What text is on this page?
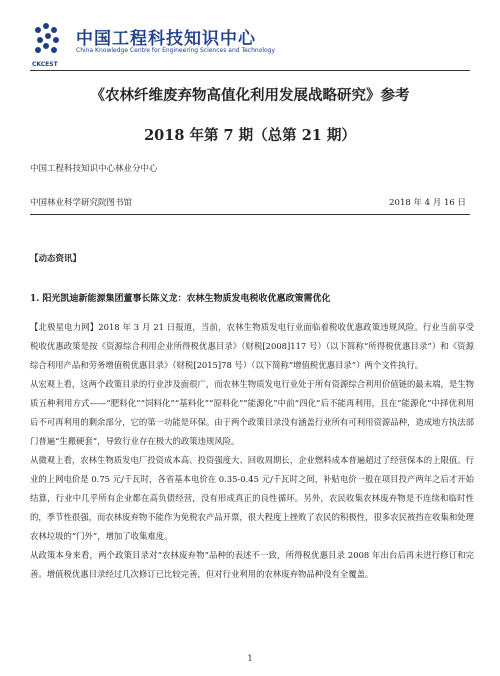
中国工程科技知识中心
China Knowledge Centre for Engineering Sciences and Technology
CKCEST
《农林纤维废弃物高值化利用发展战略研究》参考
2018 年第 7 期（总第 21 期）
中国工程科技知识中心林业分中心
中国林业科学研究院图书馆	2018 年 4 月 16 日
【动态资讯】
1. 阳光凯迪新能源集团董事长陈义龙：农林生物质发电税收优惠政策需优化

【北极星电力网】2018 年 3 月 21 日报道，当前，农林生物质发电行业面临着税收优惠政策违规风险。行业当前享受税收优惠政策是按《资源综合利用企业所得税优惠目录》（财税[2008]117 号）（以下简称“所得税优惠目录”）和《资源综合利用产品和劳务增值税优惠目录》（财税[2015]78 号）（以下简称“增值税优惠目录”）两个文件执行。

从宏观上看，这两个政策目录的行业涉及面很广，而农林生物质发电行业处于所有资源综合利用价值链的最末端，是生物质五种利用方式——“肥料化”“饲料化”“基料化”“原料化”“能源化”中前“四化”后不能再利用，且在“能源化”中择优利用后不可再利用的剩余部分，它的第一功能是环保。由于两个政策目录没有涵盖行业所有可利用资源品种，造成地方执法部门普遍“生搬硬套”，导致行业存在极大的政策违规风险。

从微观上看，农林生物质发电厂投资成本高、投资强度大、回收周期长，企业燃料成本普遍超过了经营保本的上限值。行业的上网电价是 0.75 元/千瓦时，各省基本电价在 0.35-0.45 元/千瓦时之间，补贴电价一般在项目投产两年之后才开始结算，行业中几乎所有企业都在高负债经营，没有形成真正的良性循环。另外，农民收集农林废弃物是不连续和临时性的，季节性很强，而农林废弃物不能作为免税农产品开票，很大程度上挫败了农民的积极性，很多农民被挡在收集和处理农林垃圾的“门外”，增加了收集难度。

从政策本身来看，两个政策目录对“农林废弃物”品种的表述不一致，所得税优惠目录 2008 年出台后再未进行修订和完善。增值税优惠目录经过几次修订已比较完善，但对行业利用的农林废弃物品种没有全覆盖。

1
